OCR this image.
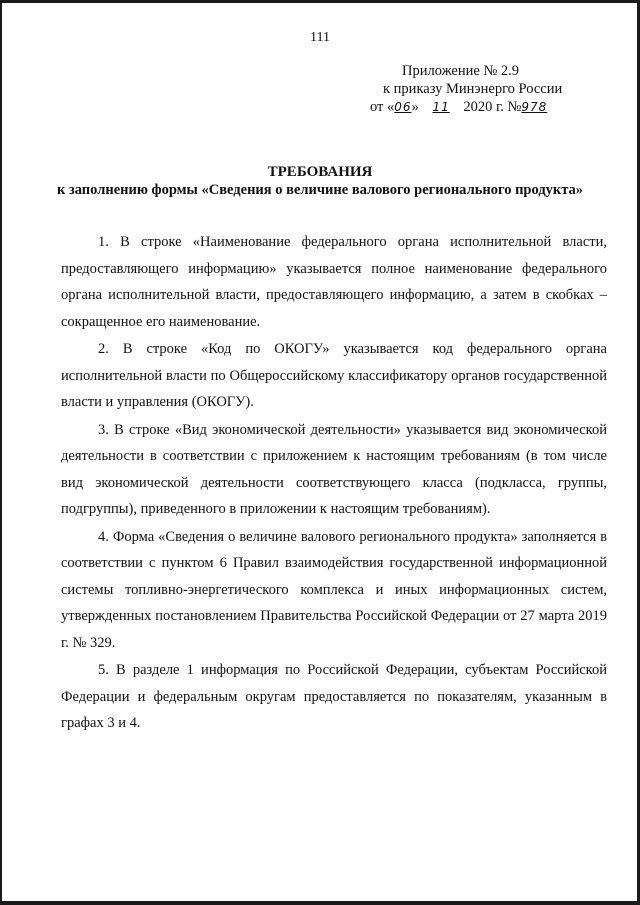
111
Приложение № 2.9
к приказу Минэнерго России
от «06» 11 2020 г. №978
ТРЕБОВАНИЯ
к заполнению формы «Сведения о величине валового регионального продукта»

1. В строке «Наименование федерального органа исполнительной власти, предоставляющего информацию» указывается полное наименование федерального органа исполнительной власти, предоставляющего информацию, а затем в скобках – сокращенное его наименование.

2. В строке «Код по ОКОГУ» указывается код федерального органа исполнительной власти по Общероссийскому классификатору органов государственной власти и управления (ОКОГУ).

3. В строке «Вид экономической деятельности» указывается вид экономической деятельности в соответствии с приложением к настоящим требованиям (в том числе вид экономической деятельности соответствующего класса (подкласса, группы, подгруппы), приведенного в приложении к настоящим требованиям).

4. Форма «Сведения о величине валового регионального продукта» заполняется в соответствии с пунктом 6 Правил взаимодействия государственной информационной системы топливно-энергетического комплекса и иных информационных систем, утвержденных постановлением Правительства Российской Федерации от 27 марта 2019 г. № 329.

5. В разделе 1 информация по Российской Федерации, субъектам Российской Федерации и федеральным округам предоставляется по показателям, указанным в графах 3 и 4.
